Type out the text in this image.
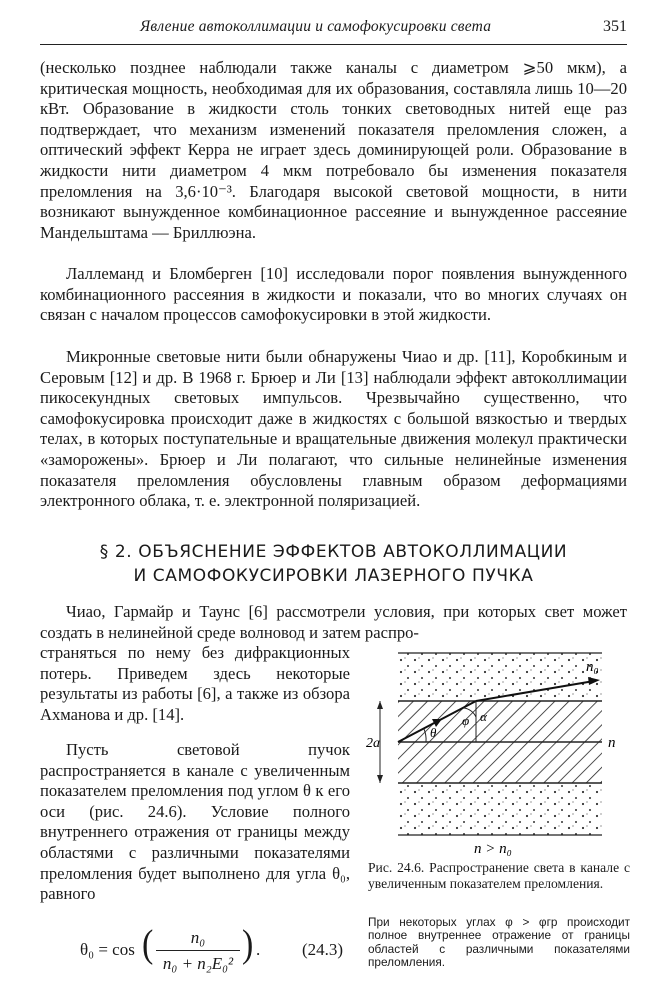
Явление автоколлимации и самофокусировки света	351

(несколько позднее наблюдали также каналы с диаметром ⩾50 мкм), а критическая мощность, необходимая для их образования, составляла лишь 10—20 кВт. Образование в жидкости столь тонких световодных нитей еще раз подтверждает, что механизм изменений показателя преломления сложен, а оптический эффект Керра не играет здесь доминирующей роли. Образование в жидкости нити диаметром 4 мкм потребовало бы изменения показателя преломления на 3,6·10⁻³. Благодаря высокой световой мощности, в нити возникают вынужденное комбинационное рассеяние и вынужденное рассеяние Мандельштама — Бриллюэна.

Лаллеманд и Бломберген [10] исследовали порог появления вынужденного комбинационного рассеяния в жидкости и показали, что во многих случаях он связан с началом процессов самофокусировки в этой жидкости.

Микронные световые нити были обнаружены Чиао и др. [11], Коробкиным и Серовым [12] и др. В 1968 г. Брюер и Ли [13] наблюдали эффект автоколлимации пикосекундных световых импульсов. Чрезвычайно существенно, что самофокусировка происходит даже в жидкостях с большой вязкостью и твердых телах, в которых поступательные и вращательные движения молекул практически «заморожены». Брюер и Ли полагают, что сильные нелинейные изменения показателя преломления обусловлены главным образом деформациями электронного облака, т. е. электронной поляризацией.

§ 2. ОБЪЯСНЕНИЕ ЭФФЕКТОВ АВТОКОЛЛИМАЦИИ
И САМОФОКУСИРОВКИ ЛАЗЕРНОГО ПУЧКА

Чиао, Гармайр и Таунс [6] рассмотрели условия, при которых свет может создать в нелинейной среде волновод и затем распро-

страняться по нему без дифракционных потерь. Приведем здесь некоторые результаты из работы [6], а также из обзора Ахманова и др. [14].

Пусть световой пучок распространяется в канале с увеличенным показателем преломления под углом θ к его оси (рис. 24.6). Условие полного внутреннего отражения от границы между областями с различными показателями преломления будет выполнено для угла θ₀, равного

θ₀ = cos (	n₀
n₀ + n₂E₀² ) . (24.3)
n₀
n
2a
θ
φ α
n > n₀
Рис. 24.6. Распространение света в канале с увеличенным показателем преломления.
При некоторых углах φ > φгр происходит полное внутреннее отражение от границы областей с различными показателями преломления.
